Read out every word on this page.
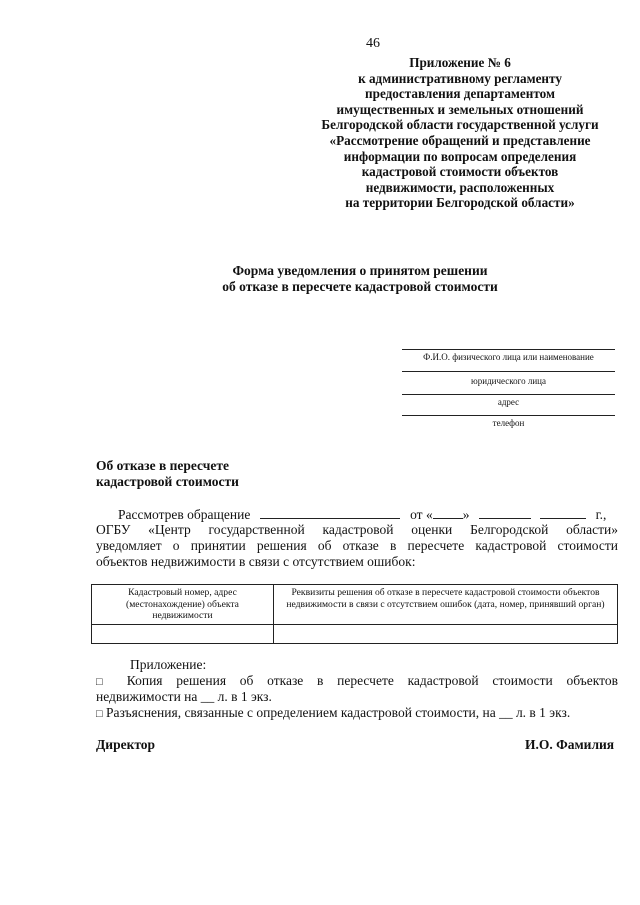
46
Приложение № 6
к административному регламенту
предоставления департаментом
имущественных и земельных отношений
Белгородской области государственной услуги
«Рассмотрение обращений и представление
информации по вопросам определения
кадастровой стоимости объектов
недвижимости, расположенных
на территории Белгородской области»
Форма уведомления о принятом решении
об отказе в пересчете кадастровой стоимости
Ф.И.О. физического лица или наименование
юридического лица
адрес
телефон
Об отказе в пересчете
кадастровой стоимости
Рассмотрев обращение	от « »	г.,
ОГБУ «Центр государственной кадастровой оценки Белгородской области»
уведомляет о принятии решения об отказе в пересчете кадастровой стоимости
объектов недвижимости в связи с отсутствием ошибок:
Кадастровый номер, адрес (местонахождение) объекта недвижимости	Реквизиты решения об отказе в пересчете кадастровой стоимости объектов недвижимости в связи с отсутствием ошибок (дата, номер, принявший орган)

Приложение:
□ Копия решения об отказе в пересчете кадастровой стоимости объектов
недвижимости на __ л. в 1 экз.
□ Разъяснения, связанные с определением кадастровой стоимости, на __ л. в 1 экз.
Директор	И.О. Фамилия
